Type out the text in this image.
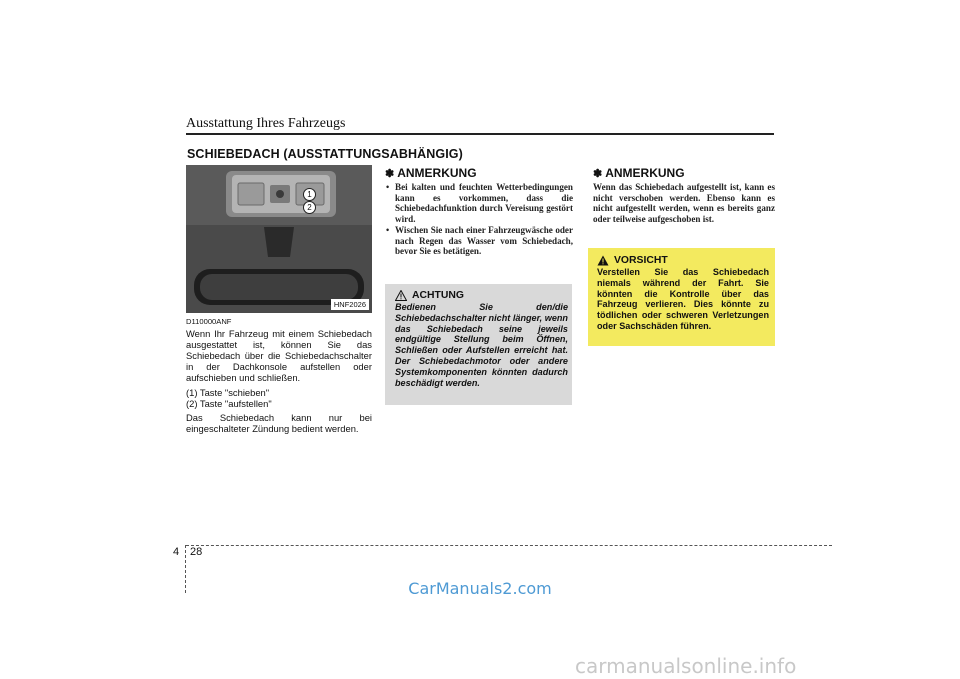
Ausstattung Ihres Fahrzeugs
SCHIEBEDACH (AUSSTATTUNGSABHÄNGIG)
1
2
HNF2026
D110000ANF

Wenn Ihr Fahrzeug mit einem Schiebedach ausgestattet ist, können Sie das Schiebedach über die Schiebedachschalter in der Dachkonsole aufstellen oder aufschieben und schließen.

(1) Taste "schieben"

(2) Taste "aufstellen"

Das Schiebedach kann nur bei eingeschalteter Zündung bedient werden.

✽ ANMERKUNG
• Bei kalten und feuchten Wetterbedingungen kann es vorkommen, dass die Schiebedachfunktion durch Vereisung gestört wird.
• Wischen Sie nach einer Fahrzeugwäsche oder nach Regen das Wasser vom Schiebedach, bevor Sie es betätigen.
ACHTUNG
Bedienen Sie den/die Schiebedachschalter nicht länger, wenn das Schiebedach seine jeweils endgültige Stellung beim Öffnen, Schließen oder Aufstellen erreicht hat. Der Schiebedachmotor oder andere Systemkomponenten könnten dadurch beschädigt werden.
✽ ANMERKUNG

Wenn das Schiebedach aufgestellt ist, kann es nicht verschoben werden. Ebenso kann es nicht aufgestellt werden, wenn es bereits ganz oder teilweise aufgeschoben ist.

VORSICHT
Verstellen Sie das Schiebedach niemals während der Fahrt. Sie könnten die Kontrolle über das Fahrzeug verlieren. Dies könnte zu tödlichen oder schweren Verletzungen oder Sachschäden führen.
4 28
CarManuals2.com
carmanualsonline.info
